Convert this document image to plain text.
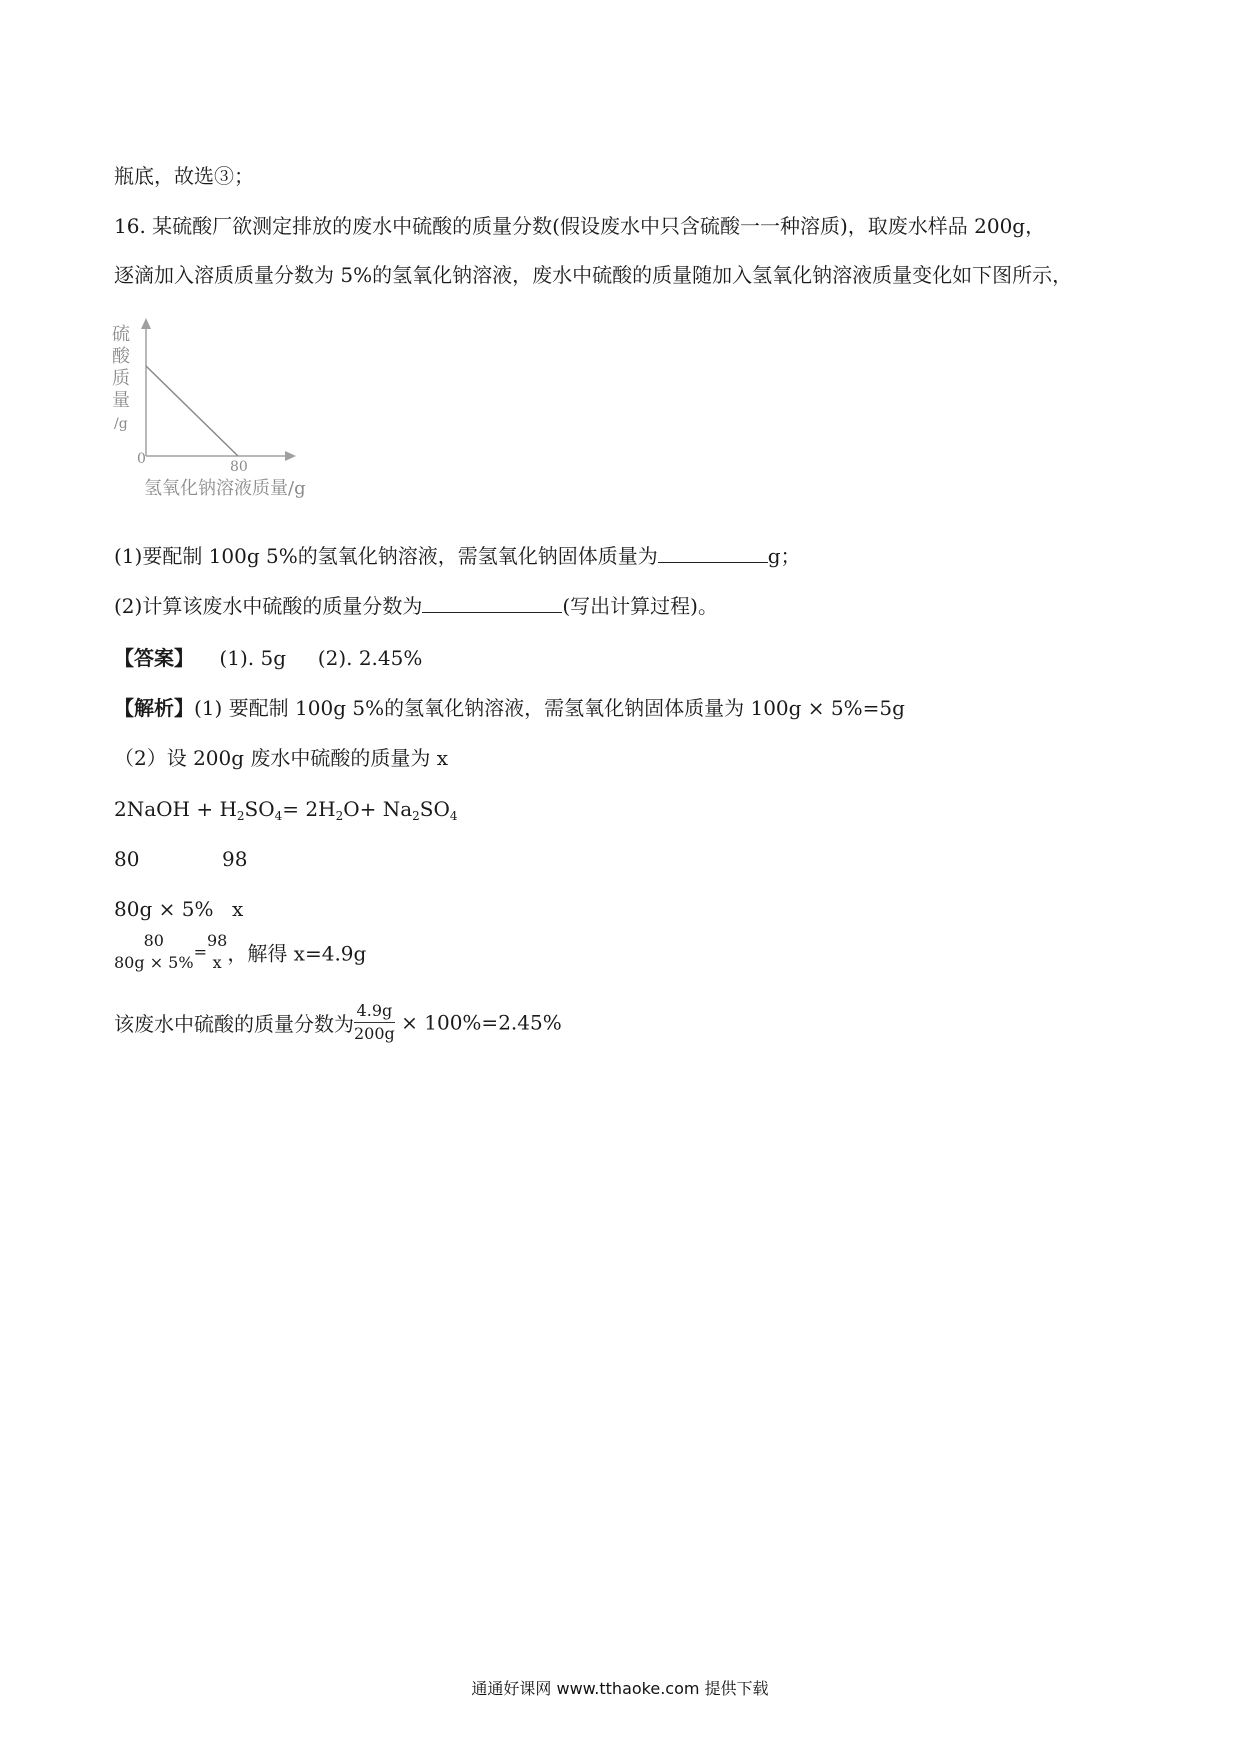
瓶底，故选③；
16. 某硫酸厂欲测定排放的废水中硫酸的质量分数(假设废水中只含硫酸一一种溶质)，取废水样品 200g，
逐滴加入溶质质量分数为 5%的氢氧化钠溶液，废水中硫酸的质量随加入氢氧化钠溶液质量变化如下图所示，
硫
酸
质
量
/g
0	80
氢氧化钠溶液质量/g
(1)要配制 100g 5%的氢氧化钠溶液，需氢氧化钠固体质量为	g；
(2)计算该废水中硫酸的质量分数为	(写出计算过程)。
【答案】    (1). 5g     (2). 2.45%
【解析】(1) 要配制 100g 5%的氢氧化钠溶液，需氢氧化钠固体质量为 100g × 5%=5g
（2）设 200g 废水中硫酸的质量为 x
2NaOH + $H_2SO_4= 2H_2O+ Na_2SO_4$
80	98
80g × 5% x
80
80g × 5%
=
98
x ，解得 x=4.9g
该废水中硫酸的质量分数为 $\frac{4.9g}{200g} \times 100\%=2.45\%$
通通好课网 www.tthaoke.com 提供下载
